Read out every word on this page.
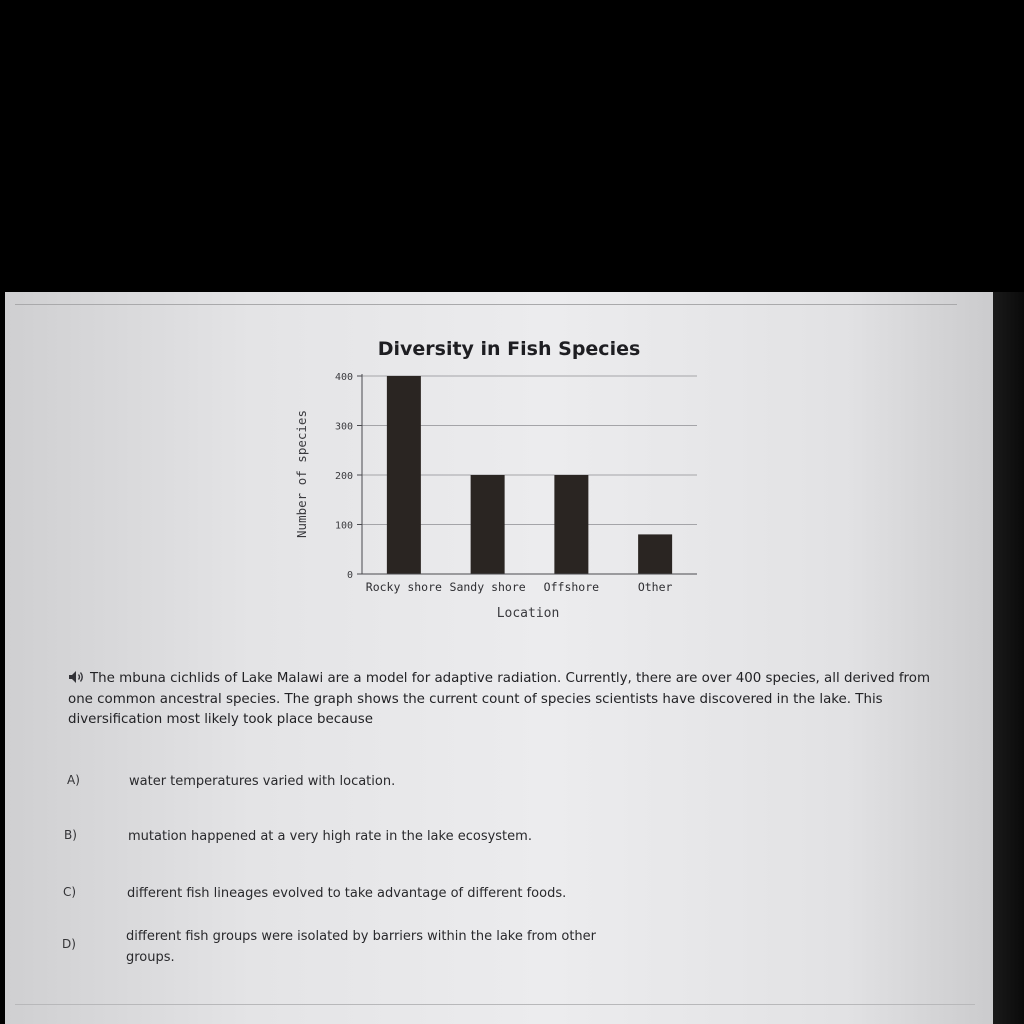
Diversity in Fish Species
0
100
200
300
400
Rocky shore Sandy shore Offshore	Other
Number of species
Location
The mbuna cichlids of Lake Malawi are a model for adaptive radiation. Currently, there are over 400 species, all derived from one common ancestral species. The graph shows the current count of species scientists have discovered in the lake. This diversification most likely took place because
A)	water temperatures varied with location.
B)	mutation happened at a very high rate in the lake ecosystem.
C)	different fish lineages evolved to take advantage of different foods.
D)	different fish groups were isolated by barriers within the lake from other groups.
